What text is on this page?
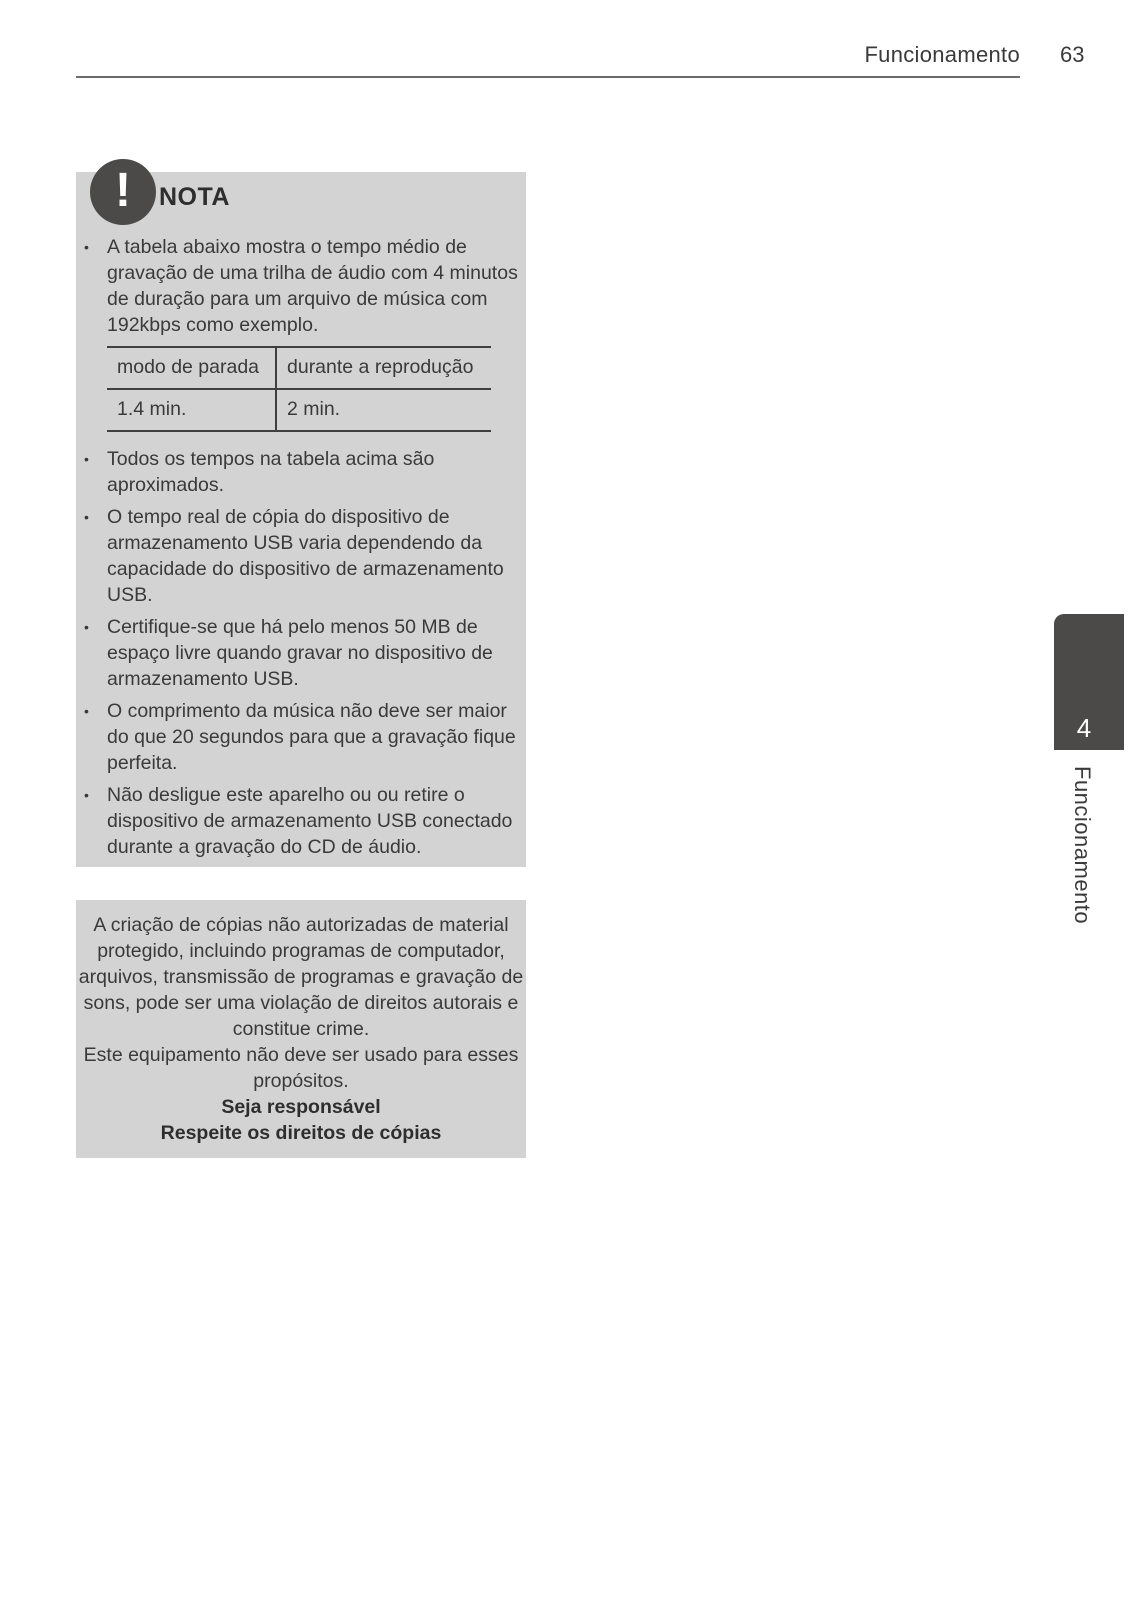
Funcionamento 63
!	NOTA
• A tabela abaixo mostra o tempo médio de gravação de uma trilha de áudio com 4 minutos de duração para um arquivo de música com 192kbps como exemplo.
modo de parada	durante a reprodução
1.4 min.	2 min.
• Todos os tempos na tabela acima são aproximados.
• O tempo real de cópia do dispositivo de armazenamento USB varia dependendo da capacidade do dispositivo de armazenamento USB.
• Certifique-se que há pelo menos 50 MB de espaço livre quando gravar no dispositivo de armazenamento USB.
• O comprimento da música não deve ser maior do que 20 segundos para que a gravação fique perfeita.
• Não desligue este aparelho ou ou retire o dispositivo de armazenamento USB conectado durante a gravação do CD de áudio.
A criação de cópias não autorizadas de material protegido, incluindo programas de computador, arquivos, transmissão de programas e gravação de sons, pode ser uma violação de direitos autorais e constitue crime.
Este equipamento não deve ser usado para esses propósitos.
Seja responsável
Respeite os direitos de cópias
4
Funcionamento
